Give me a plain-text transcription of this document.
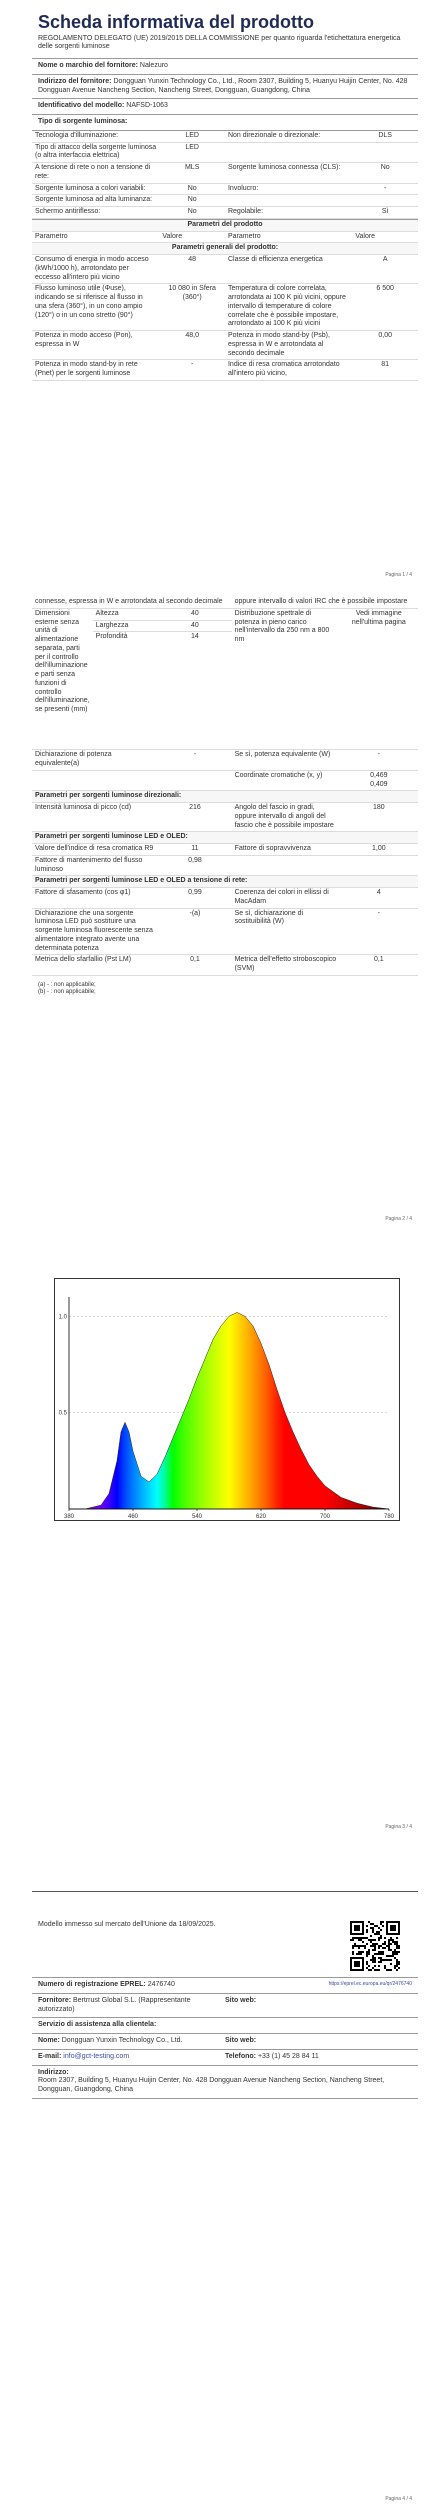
Scheda informativa del prodotto
REGOLAMENTO DELEGATO (UE) 2019/2015 DELLA COMMISSIONE per quanto riguarda l'etichettatura energetica delle sorgenti luminose
Nome o marchio del fornitore: Nalezuro
Indirizzo del fornitore: Dongguan Yunxin Technology Co., Ltd., Room 2307, Building 5, Huanyu Huijin Center, No. 428 Dongguan Avenue Nancheng Section, Nancheng Street, Dongguan, Guangdong, China
Identificativo del modello: NAFSD-1063
Tipo di sorgente luminosa:
Tecnologia d'illuminazione:	LED	Non direzionale o direzionale:	DLS
Tipo di attacco della sorgente luminosa (o altra interfaccia elettrica)	LED		
A tensione di rete o non a tensione di rete:	MLS	Sorgente luminosa connessa (CLS):	No
Sorgente luminosa a colori variabili:	No	Involucro:	-
Sorgente luminosa ad alta luminanza:	No		
Schermo antiriflesso:	No	Regolabile:	Sì
Parametri del prodotto			
Parametro	Valore	Parametro	Valore
Parametri generali del prodotto:			
Consumo di energia in modo acceso (kWh/1000 h), arrotondato per eccesso all'intero più vicino	48	Classe di efficienza energetica	A
Flusso luminoso utile (Φuse), indicando se si riferisce al flusso in una sfera (360°), in un cono ampio (120°) o in un cono stretto (90°)	10 080 in Sfera (360°)	Temperatura di colore correlata, arrotondata ai 100 K più vicini, oppure intervallo di temperature di colore correlate che è possibile impostare, arrotondato ai 100 K più vicini	6 500
Potenza in modo acceso (Pon), espressa in W	48,0	Potenza in modo stand-by (Psb), espressa in W e arrotondata al secondo decimale	0,00
Potenza in modo stand-by in rete (Pnet) per le sorgenti luminose	-	Indice di resa cromatica arrotondato all'intero più vicino,	81
Pagina 1 / 4
connesse, espressa in W e arrotondata al secondo decimale			oppure intervallo di valori IRC che è possibile impostare	
Dimensioni esterne senza unità di alimentazione separata, parti per il controllo dell'illuminazione e parti senza funzioni di controllo dell'illuminazione, se presenti (mm)	Altezza	40	Distribuzione spettrale di potenza in pieno carico nell'intervallo da 250 nm a 800 nm	Vedi immagine nell'ultima pagina
	Larghezza	40		
	Profondità	14		
Dichiarazione di potenza equivalente(a)		-	Se sì, potenza equivalente (W)	-
			Coordinate cromatiche (x, y)	0,469
0,409

Parametri per sorgenti luminose direzionali:				
Intensità luminosa di picco (cd)		216	Angolo del fascio in gradi, oppure intervallo di angoli del fascio che è possibile impostare	180
Parametri per sorgenti luminose LED e OLED:				
Valore dell'indice di resa cromatica R9		11	Fattore di sopravvivenza	1,00
Fattore di mantenimento del flusso luminoso		0,98		
Parametri per sorgenti luminose LED e OLED a tensione di rete:				
Fattore di sfasamento (cos φ1)		0,99	Coerenza dei colori in ellissi di MacAdam	4
Dichiarazione che una sorgente luminosa LED può sostituire una sorgente luminosa fluorescente senza alimentatore integrato avente una determinata potenza		-(a)	Se sì, dichiarazione di sostituibilità (W)	-
Metrica dello sfarfallio (Pst LM)		0,1	Metrica dell'effetto stroboscopico (SVM)	0,1
(a) - : non applicabile;
(b) - : non applicabile;
Pagina 2 / 4
0.5
1.0
380	460	540	620	700	780
Pagina 3 / 4
Modello immesso sul mercato dell'Unione da 18/09/2025.
Numero di registrazione EPREL: 2476740	https://eprel.ec.europa.eu/qr/2476740
Fornitore: Bertrrust Global S.L. (Rappresentante autorizzato)
Sito web:
Servizio di assistenza alla clientela:
Nome: Dongguan Yunxin Technology Co., Ltd.	Sito web:
E-mail: info@gct-testing.com	Telefono: +33 (1) 45 28 84 11
Indirizzo:
Room 2307, Building 5, Huanyu Huijin Center, No. 428 Dongguan Avenue Nancheng Section, Nancheng Street, Dongguan, Guangdong, China
Pagina 4 / 4
